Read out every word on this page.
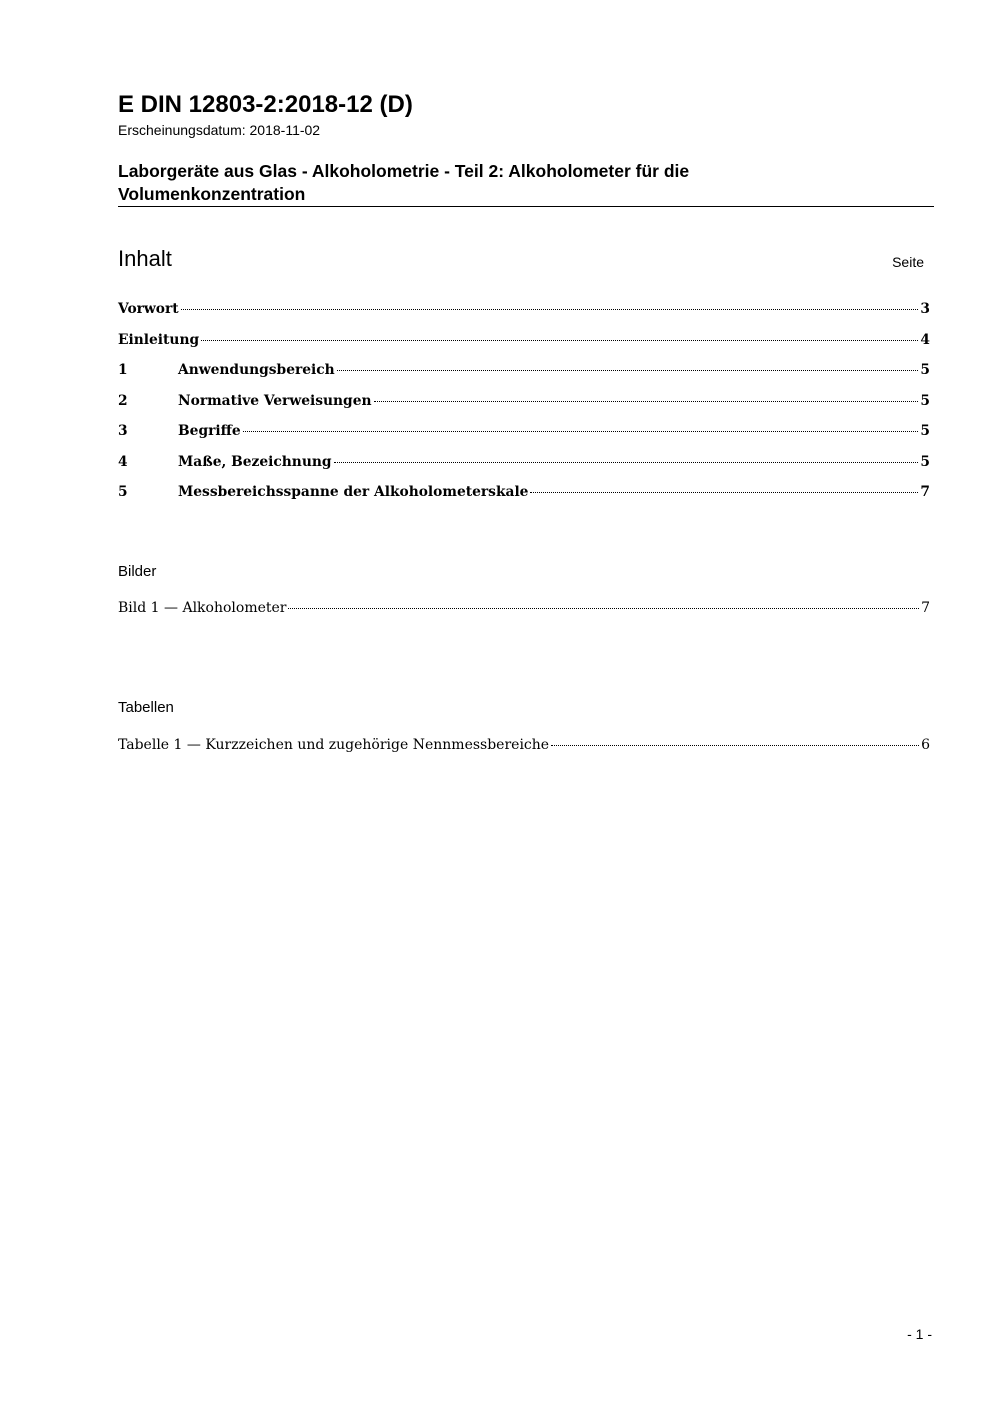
E DIN 12803-2:2018-12 (D)
Erscheinungsdatum: 2018-11-02
Laborgeräte aus Glas - Alkoholometrie - Teil 2: Alkoholometer für die Volumenkonzentration
Inhalt	Seite
Vorwort	3
Einleitung	4
1	Anwendungsbereich	5
2	Normative Verweisungen	5
3	Begriffe	5
4	Maße, Bezeichnung	5
5	Messbereichsspanne der Alkoholometerskale	7
Bilder
Bild 1 — Alkoholometer	7
Tabellen
Tabelle 1 — Kurzzeichen und zugehörige Nennmessbereiche	6
- 1 -
